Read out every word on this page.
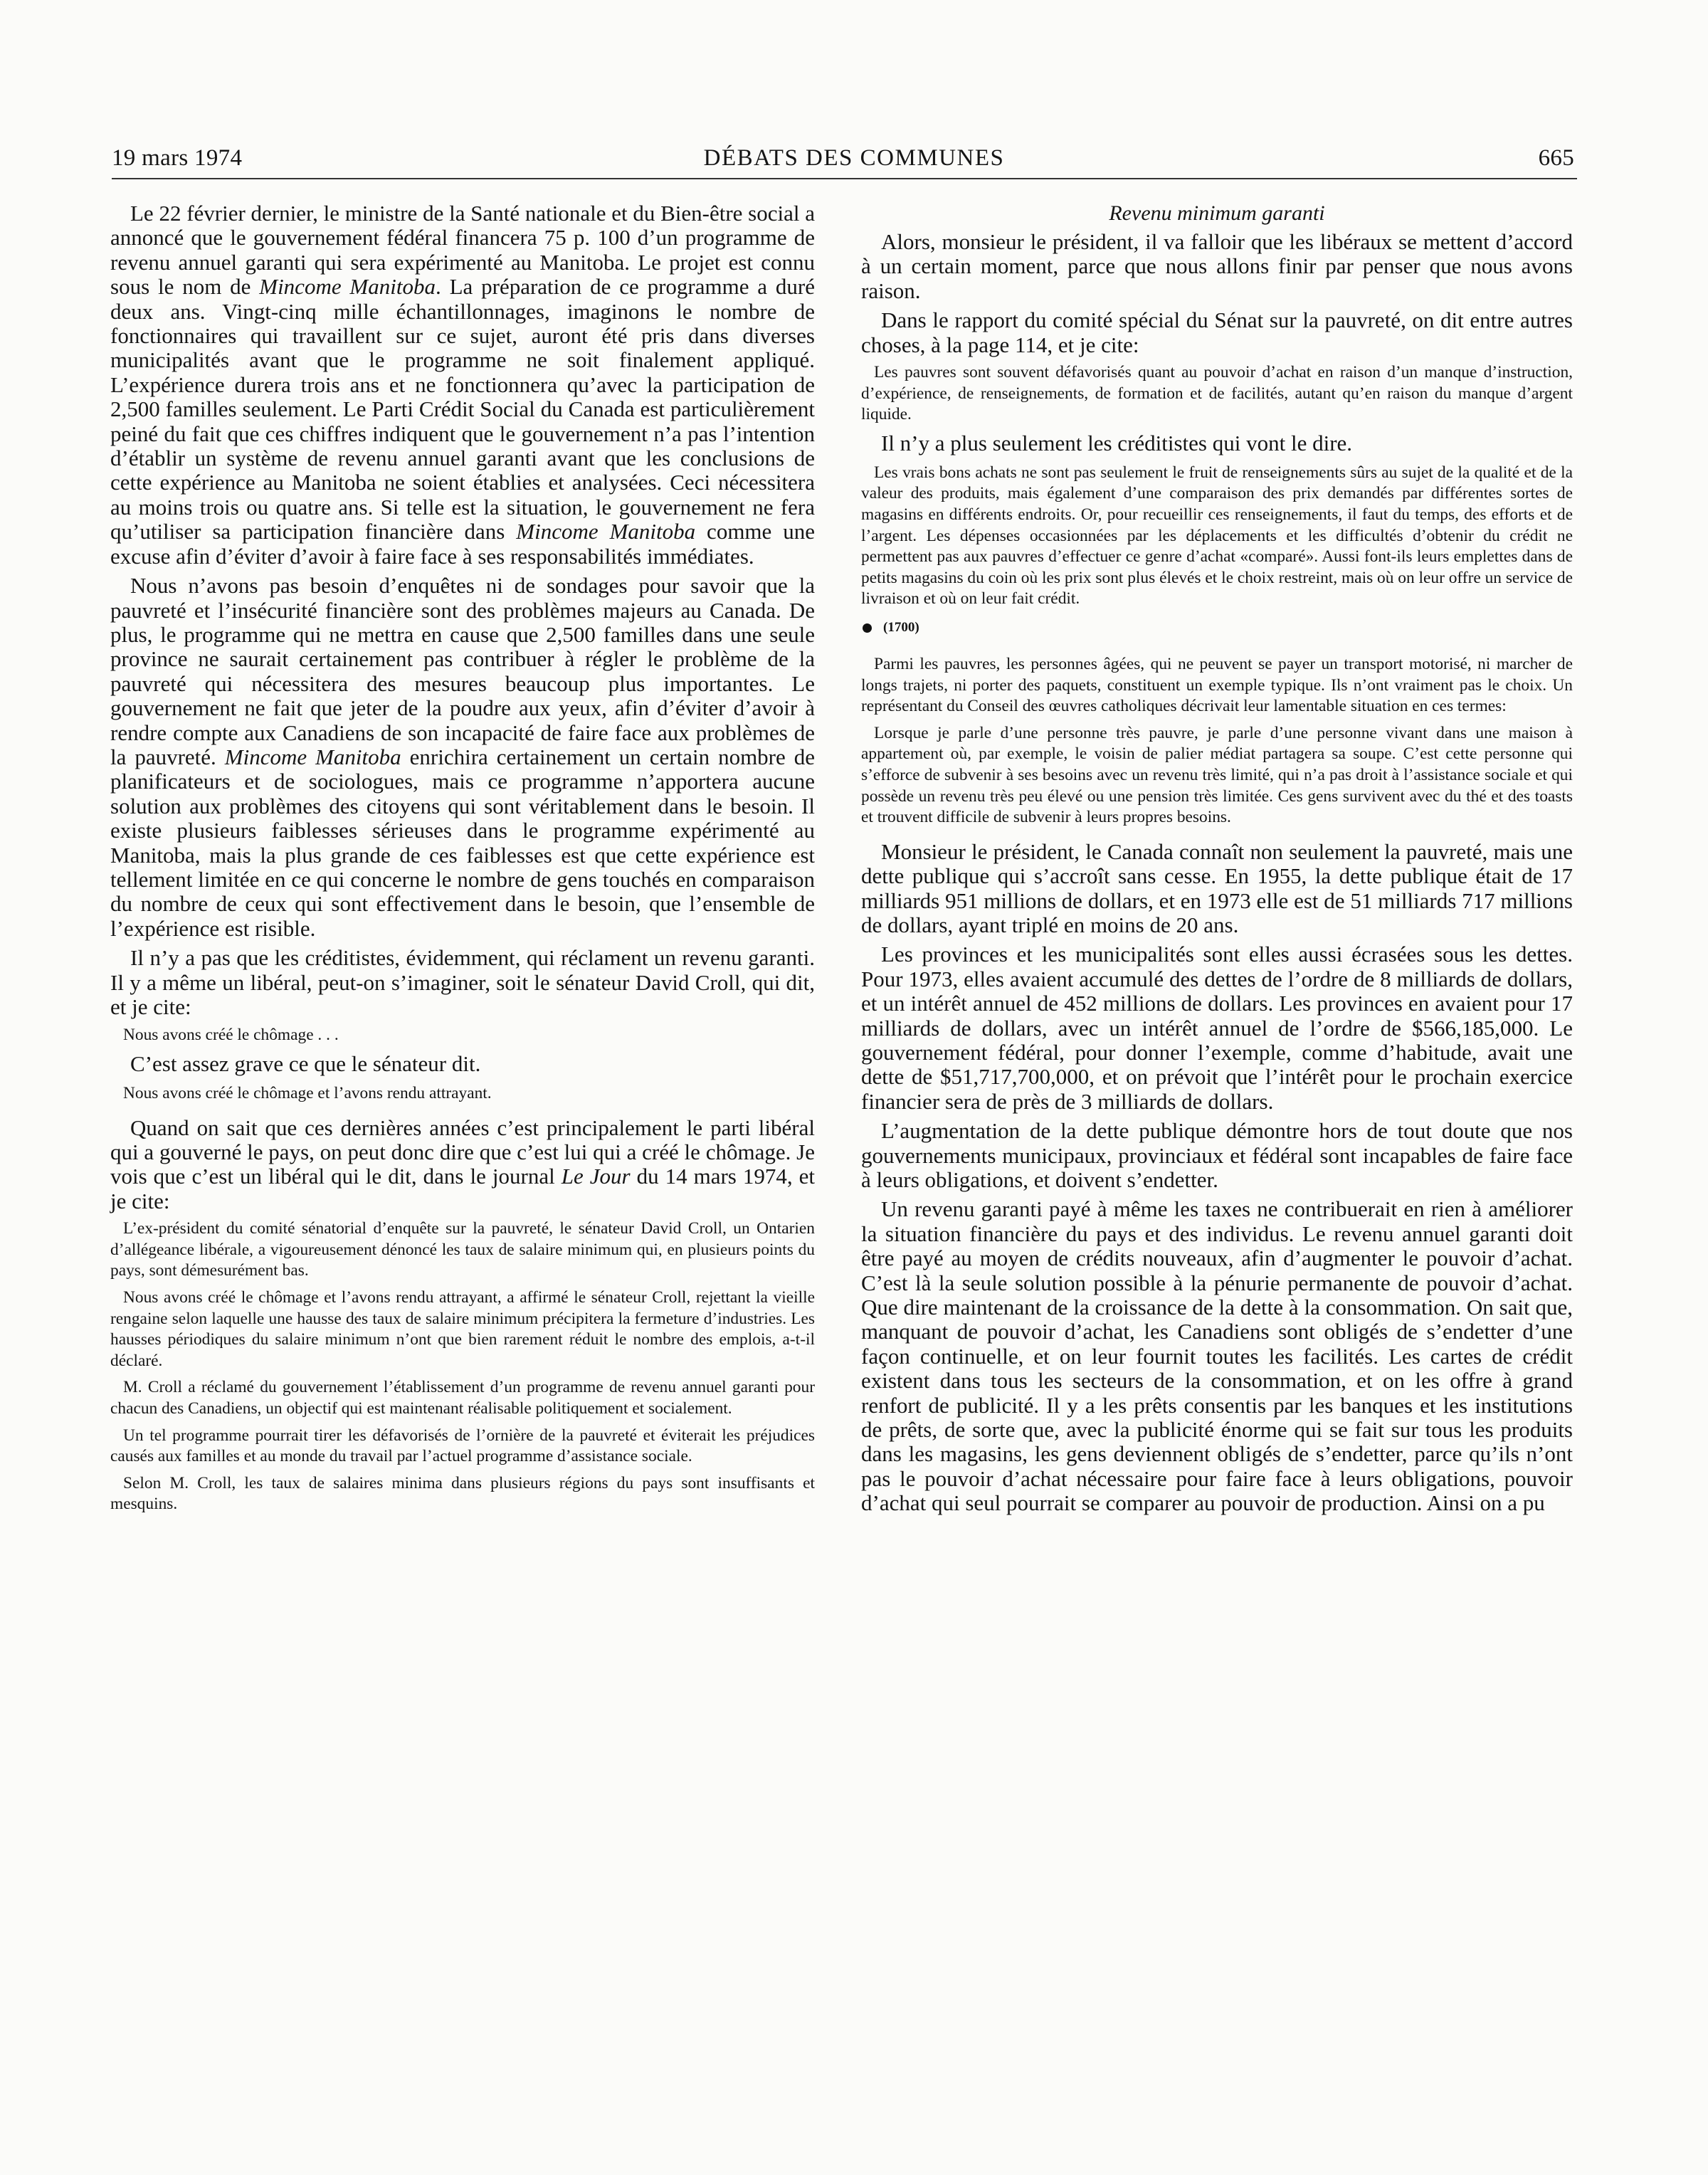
19 mars 1974	DÉBATS DES COMMUNES	665

Le 22 février dernier, le ministre de la Santé nationale et du Bien-être social a annoncé que le gouvernement fédéral financera 75 p. 100 d’un programme de revenu annuel garanti qui sera expérimenté au Manitoba. Le projet est connu sous le nom de Mincome Manitoba. La préparation de ce programme a duré deux ans. Vingt-cinq mille échantillonnages, imaginons le nombre de fonctionnaires qui travaillent sur ce sujet, auront été pris dans diverses municipalités avant que le programme ne soit finalement appliqué. L’expérience durera trois ans et ne fonctionnera qu’avec la participation de 2,500 familles seulement. Le Parti Crédit Social du Canada est particulièrement peiné du fait que ces chiffres indiquent que le gouvernement n’a pas l’intention d’établir un système de revenu annuel garanti avant que les conclusions de cette expérience au Manitoba ne soient établies et analysées. Ceci nécessitera au moins trois ou quatre ans. Si telle est la situation, le gouvernement ne fera qu’utiliser sa participation financière dans Mincome Manitoba comme une excuse afin d’éviter d’avoir à faire face à ses responsabilités immédiates.

Nous n’avons pas besoin d’enquêtes ni de sondages pour savoir que la pauvreté et l’insécurité financière sont des problèmes majeurs au Canada. De plus, le programme qui ne mettra en cause que 2,500 familles dans une seule province ne saurait certainement pas contribuer à régler le problème de la pauvreté qui nécessitera des mesures beaucoup plus importantes. Le gouvernement ne fait que jeter de la poudre aux yeux, afin d’éviter d’avoir à rendre compte aux Canadiens de son incapacité de faire face aux problèmes de la pauvreté. Mincome Manitoba enrichira certainement un certain nombre de planificateurs et de sociologues, mais ce programme n’apportera aucune solution aux problèmes des citoyens qui sont véritablement dans le besoin. Il existe plusieurs faiblesses sérieuses dans le programme expérimenté au Manitoba, mais la plus grande de ces faiblesses est que cette expérience est tellement limitée en ce qui concerne le nombre de gens touchés en comparaison du nombre de ceux qui sont effectivement dans le besoin, que l’ensemble de l’expérience est risible.

Il n’y a pas que les créditistes, évidemment, qui réclament un revenu garanti. Il y a même un libéral, peut-on s’imaginer, soit le sénateur David Croll, qui dit, et je cite:

Nous avons créé le chômage . . .

C’est assez grave ce que le sénateur dit.

Nous avons créé le chômage et l’avons rendu attrayant.

Quand on sait que ces dernières années c’est principalement le parti libéral qui a gouverné le pays, on peut donc dire que c’est lui qui a créé le chômage. Je vois que c’est un libéral qui le dit, dans le journal Le Jour du 14 mars 1974, et je cite:

L’ex-président du comité sénatorial d’enquête sur la pauvreté, le sénateur David Croll, un Ontarien d’allégeance libérale, a vigoureusement dénoncé les taux de salaire minimum qui, en plusieurs points du pays, sont démesurément bas.

Nous avons créé le chômage et l’avons rendu attrayant, a affirmé le sénateur Croll, rejettant la vieille rengaine selon laquelle une hausse des taux de salaire minimum précipitera la fermeture d’industries. Les hausses périodiques du salaire minimum n’ont que bien rarement réduit le nombre des emplois, a-t-il déclaré.

M. Croll a réclamé du gouvernement l’établissement d’un programme de revenu annuel garanti pour chacun des Canadiens, un objectif qui est maintenant réalisable politiquement et socialement.

Un tel programme pourrait tirer les défavorisés de l’ornière de la pauvreté et éviterait les préjudices causés aux familles et au monde du travail par l’actuel programme d’assistance sociale.

Selon M. Croll, les taux de salaires minima dans plusieurs régions du pays sont insuffisants et mesquins.

Revenu minimum garanti

Alors, monsieur le président, il va falloir que les libéraux se mettent d’accord à un certain moment, parce que nous allons finir par penser que nous avons raison.

Dans le rapport du comité spécial du Sénat sur la pauvreté, on dit entre autres choses, à la page 114, et je cite:

Les pauvres sont souvent défavorisés quant au pouvoir d’achat en raison d’un manque d’instruction, d’expérience, de renseignements, de formation et de facilités, autant qu’en raison du manque d’argent liquide.

Il n’y a plus seulement les créditistes qui vont le dire.

Les vrais bons achats ne sont pas seulement le fruit de renseignements sûrs au sujet de la qualité et de la valeur des produits, mais également d’une comparaison des prix demandés par différentes sortes de magasins en différents endroits. Or, pour recueillir ces renseignements, il faut du temps, des efforts et de l’argent. Les dépenses occasionnées par les déplacements et les difficultés d’obtenir du crédit ne permettent pas aux pauvres d’effectuer ce genre d’achat «comparé». Aussi font-ils leurs emplettes dans de petits magasins du coin où les prix sont plus élevés et le choix restreint, mais où on leur offre un service de livraison et où on leur fait crédit.

(1700)

Parmi les pauvres, les personnes âgées, qui ne peuvent se payer un transport motorisé, ni marcher de longs trajets, ni porter des paquets, constituent un exemple typique. Ils n’ont vraiment pas le choix. Un représentant du Conseil des œuvres catholiques décrivait leur lamentable situation en ces termes:

Lorsque je parle d’une personne très pauvre, je parle d’une personne vivant dans une maison à appartement où, par exemple, le voisin de palier médiat partagera sa soupe. C’est cette personne qui s’efforce de subvenir à ses besoins avec un revenu très limité, qui n’a pas droit à l’assistance sociale et qui possède un revenu très peu élevé ou une pension très limitée. Ces gens survivent avec du thé et des toasts et trouvent difficile de subvenir à leurs propres besoins.

Monsieur le président, le Canada connaît non seulement la pauvreté, mais une dette publique qui s’accroît sans cesse. En 1955, la dette publique était de 17 milliards 951 millions de dollars, et en 1973 elle est de 51 milliards 717 millions de dollars, ayant triplé en moins de 20 ans.

Les provinces et les municipalités sont elles aussi écrasées sous les dettes. Pour 1973, elles avaient accumulé des dettes de l’ordre de 8 milliards de dollars, et un intérêt annuel de 452 millions de dollars. Les provinces en avaient pour 17 milliards de dollars, avec un intérêt annuel de l’ordre de $566,185,000. Le gouvernement fédéral, pour donner l’exemple, comme d’habitude, avait une dette de $51,717,700,000, et on prévoit que l’intérêt pour le prochain exercice financier sera de près de 3 milliards de dollars.

L’augmentation de la dette publique démontre hors de tout doute que nos gouvernements municipaux, provinciaux et fédéral sont incapables de faire face à leurs obligations, et doivent s’endetter.

Un revenu garanti payé à même les taxes ne contribuerait en rien à améliorer la situation financière du pays et des individus. Le revenu annuel garanti doit être payé au moyen de crédits nouveaux, afin d’augmenter le pouvoir d’achat. C’est là la seule solution possible à la pénurie permanente de pouvoir d’achat. Que dire maintenant de la croissance de la dette à la consommation. On sait que, manquant de pouvoir d’achat, les Canadiens sont obligés de s’endetter d’une façon continuelle, et on leur fournit toutes les facilités. Les cartes de crédit existent dans tous les secteurs de la consommation, et on les offre à grand renfort de publicité. Il y a les prêts consentis par les banques et les institutions de prêts, de sorte que, avec la publicité énorme qui se fait sur tous les produits dans les magasins, les gens deviennent obligés de s’endetter, parce qu’ils n’ont pas le pouvoir d’achat nécessaire pour faire face à leurs obligations, pouvoir d’achat qui seul pourrait se comparer au pouvoir de production. Ainsi on a pu
